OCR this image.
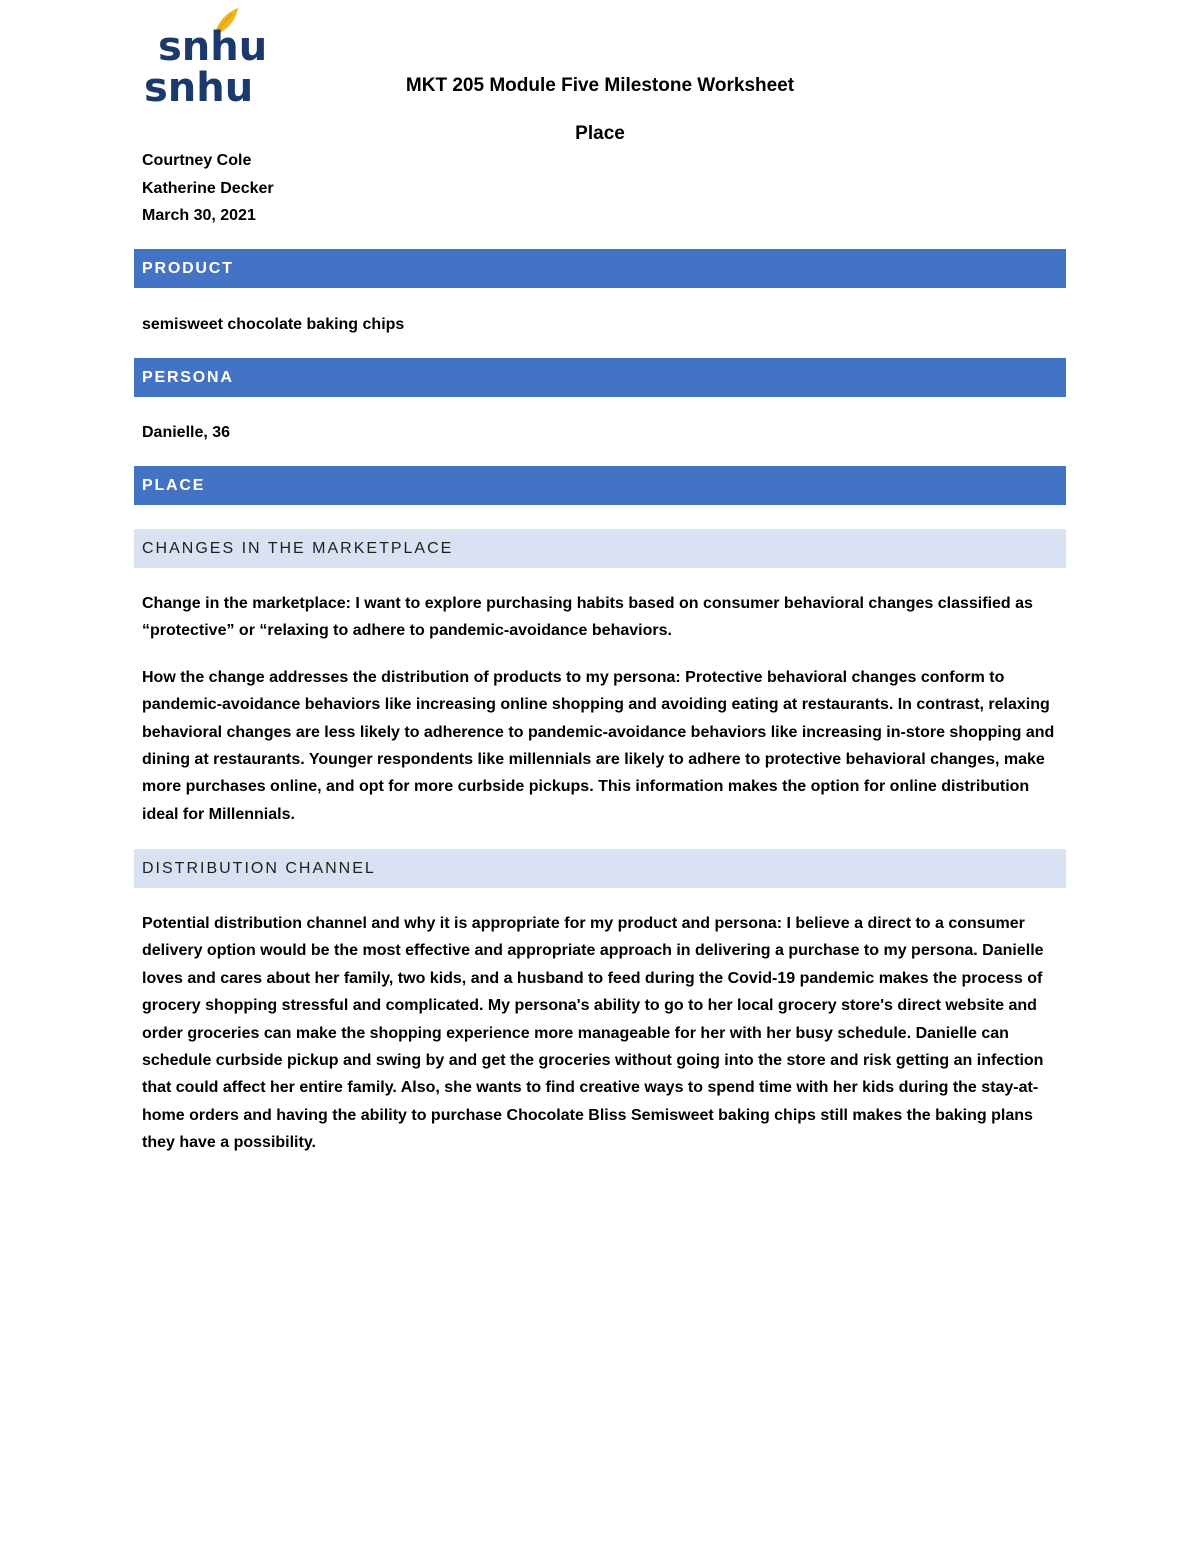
snhu
snhu	MKT 205 Module Five Milestone Worksheet
Place
Courtney Cole
Katherine Decker
March 30, 2021
PRODUCT

semisweet chocolate baking chips

PERSONA

Danielle, 36

PLACE
CHANGES IN THE MARKETPLACE

Change in the marketplace: I want to explore purchasing habits based on consumer behavioral changes classified as “protective” or “relaxing to adhere to pandemic-avoidance behaviors.

How the change addresses the distribution of products to my persona: Protective behavioral changes conform to pandemic-avoidance behaviors like increasing online shopping and avoiding eating at restaurants. In contrast, relaxing behavioral changes are less likely to adherence to pandemic-avoidance behaviors like increasing in-store shopping and dining at restaurants. Younger respondents like millennials are likely to adhere to protective behavioral changes, make more purchases online, and opt for more curbside pickups. This information makes the option for online distribution ideal for Millennials.

DISTRIBUTION CHANNEL

Potential distribution channel and why it is appropriate for my product and persona: I believe a direct to a consumer delivery option would be the most effective and appropriate approach in delivering a purchase to my persona. Danielle loves and cares about her family, two kids, and a husband to feed during the Covid-19 pandemic makes the process of grocery shopping stressful and complicated. My persona's ability to go to her local grocery store's direct website and order groceries can make the shopping experience more manageable for her with her busy schedule. Danielle can schedule curbside pickup and swing by and get the groceries without going into the store and risk getting an infection that could affect her entire family. Also, she wants to find creative ways to spend time with her kids during the stay-at-home orders and having the ability to purchase Chocolate Bliss Semisweet baking chips still makes the baking plans they have a possibility.
